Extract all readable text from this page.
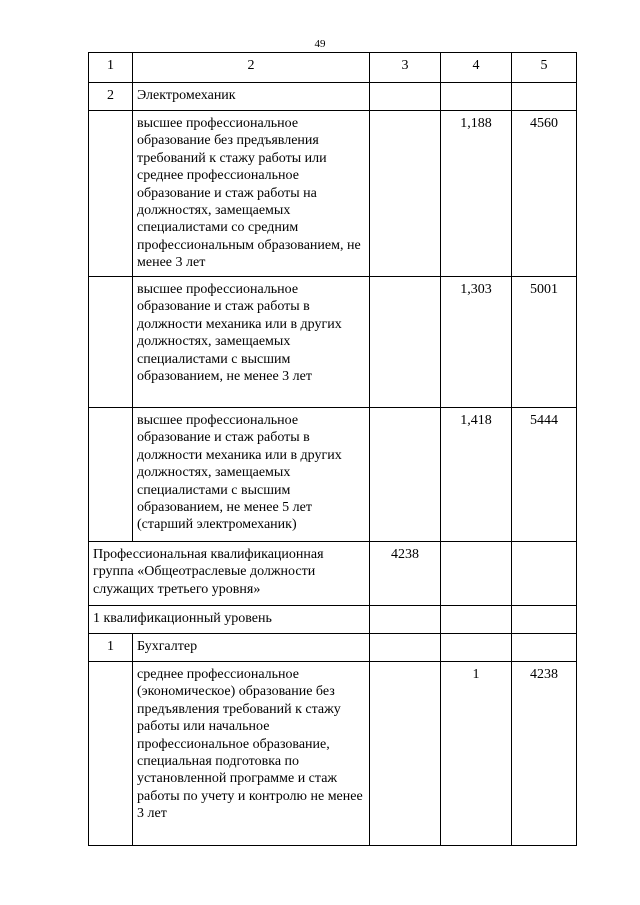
49
1	2	3	4	5
2	Электромеханик			
	высшее профессиональное образование без предъявления требований к стажу работы или среднее профессиональное образование и стаж работы на должностях, замещаемых специалистами со средним профессиональным образованием, не менее 3 лет		1,188	4560
	высшее профессиональное образование и стаж работы в должности механика или в других должностях, замещаемых специалистами с высшим образованием, не менее 3 лет		1,303	5001
	высшее профессиональное образование и стаж работы в должности механика или в других должностях, замещаемых специалистами с высшим образованием, не менее 5 лет (старший электромеханик)		1,418	5444
Профессиональная квалификационная группа «Общеотраслевые должности служащих третьего уровня»		4238		
1 квалификационный уровень				
1	Бухгалтер			
	среднее профессиональное (экономическое) образование без предъявления требований к стажу работы или начальное профессиональное образование, специальная подготовка по установленной программе и стаж работы по учету и контролю не менее 3 лет		1	4238
